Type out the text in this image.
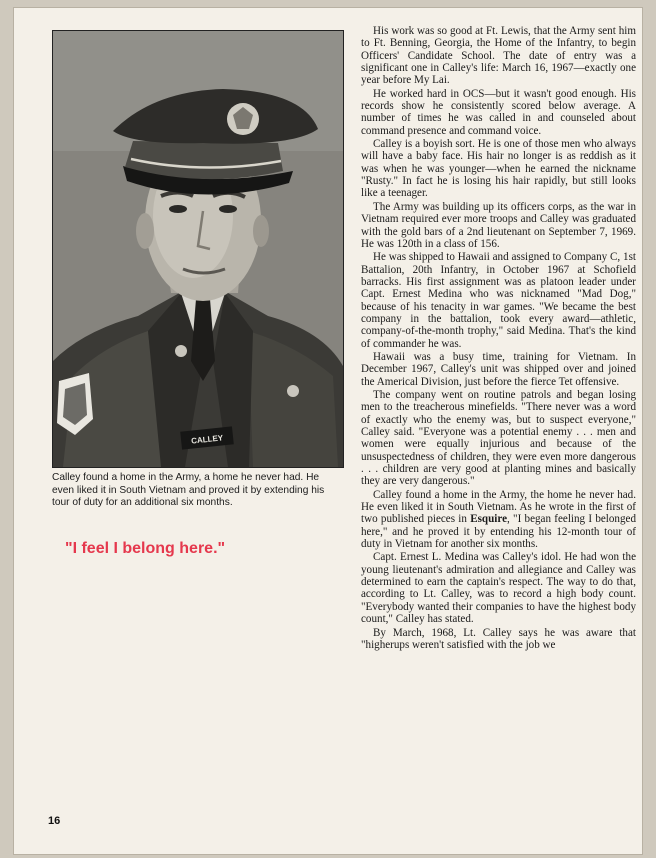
CALLEY
Calley found a home in the Army, a home he never had. He even liked it in South Vietnam and proved it by extending his tour of duty for an additional six months.
"I feel I belong here."
16

His work was so good at Ft. Lewis, that the Army sent him to Ft. Benning, Georgia, the Home of the Infantry, to begin Officers' Candidate School. The date of entry was a significant one in Calley's life: March 16, 1967—exactly one year before My Lai.

He worked hard in OCS—but it wasn't good enough. His records show he consistently scored below average. A number of times he was called in and counseled about command presence and command voice.

Calley is a boyish sort. He is one of those men who always will have a baby face. His hair no longer is as reddish as it was when he was younger—when he earned the nickname "Rusty." In fact he is losing his hair rapidly, but still looks like a teenager.

The Army was building up its officers corps, as the war in Vietnam required ever more troops and Calley was graduated with the gold bars of a 2nd lieutenant on September 7, 1969. He was 120th in a class of 156.

He was shipped to Hawaii and assigned to Company C, 1st Battalion, 20th Infantry, in October 1967 at Schofield barracks. His first assignment was as platoon leader under Capt. Ernest Medina who was nicknamed "Mad Dog," because of his tenacity in war games. "We became the best company in the battalion, took every award—athletic, company-of-the-month trophy," said Medina. That's the kind of commander he was.

Hawaii was a busy time, training for Vietnam. In December 1967, Calley's unit was shipped over and joined the Americal Division, just before the fierce Tet offensive.

The company went on routine patrols and began losing men to the treacherous minefields. "There never was a word of exactly who the enemy was, but to suspect everyone," Calley said. "Everyone was a potential enemy . . . men and women were equally injurious and because of the unsuspectedness of children, they were even more dangerous . . . children are very good at planting mines and basically they are very dangerous."

Calley found a home in the Army, the home he never had. He even liked it in South Vietnam. As he wrote in the first of two published pieces in Esquire, "I began feeling I belonged here," and he proved it by entending his 12-month tour of duty in Vietnam for another six months.

Capt. Ernest L. Medina was Calley's idol. He had won the young lieutenant's admiration and allegiance and Calley was determined to earn the captain's respect. The way to do that, according to Lt. Calley, was to record a high body count. "Everybody wanted their companies to have the highest body count," Calley has stated.

By March, 1968, Lt. Calley says he was aware that "higherups weren't satisfied with the job we
